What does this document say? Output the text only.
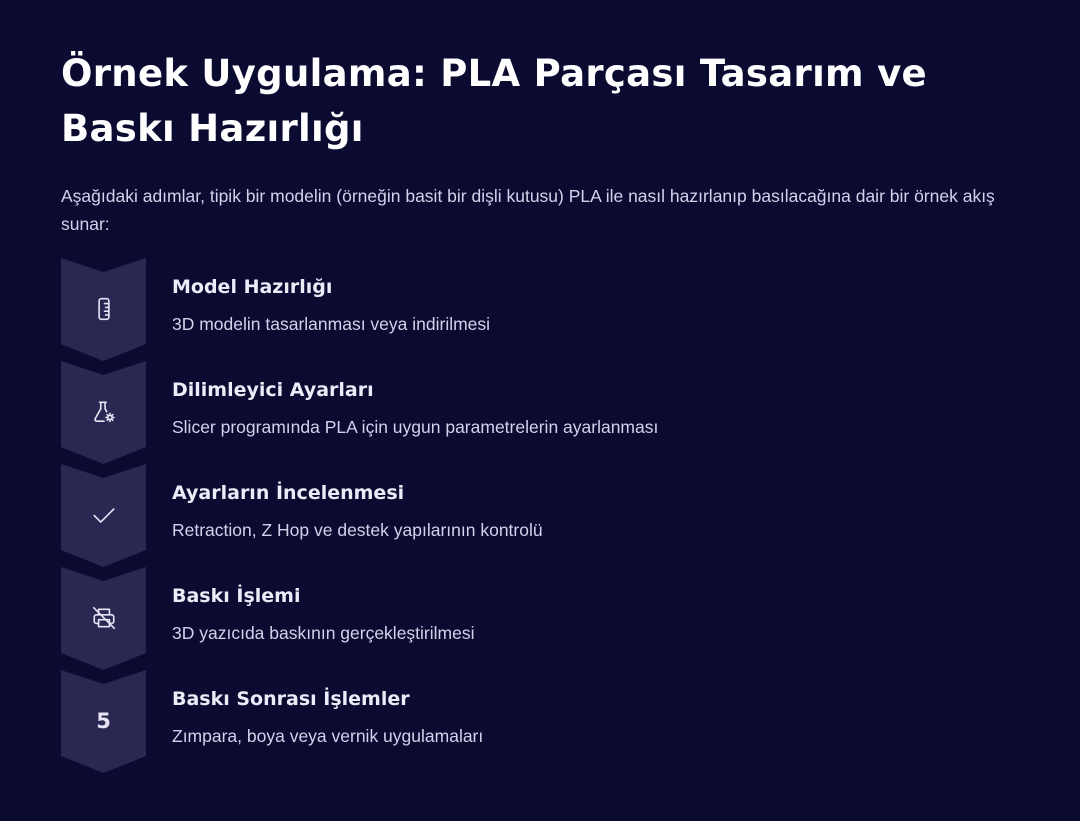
Örnek Uygulama: PLA Parçası Tasarım ve Baskı Hazırlığı

Aşağıdaki adımlar, tipik bir modelin (örneğin basit bir dişli kutusu) PLA ile nasıl hazırlanıp basılacağına dair bir örnek akış sunar:

Model Hazırlığı

3D modelin tasarlanması veya indirilmesi

Dilimleyici Ayarları

Slicer programında PLA için uygun parametrelerin ayarlanması

Ayarların İncelenmesi

Retraction, Z Hop ve destek yapılarının kontrolü

Baskı İşlemi

3D yazıcıda baskının gerçekleştirilmesi

5
Baskı Sonrası İşlemler

Zımpara, boya veya vernik uygulamaları
